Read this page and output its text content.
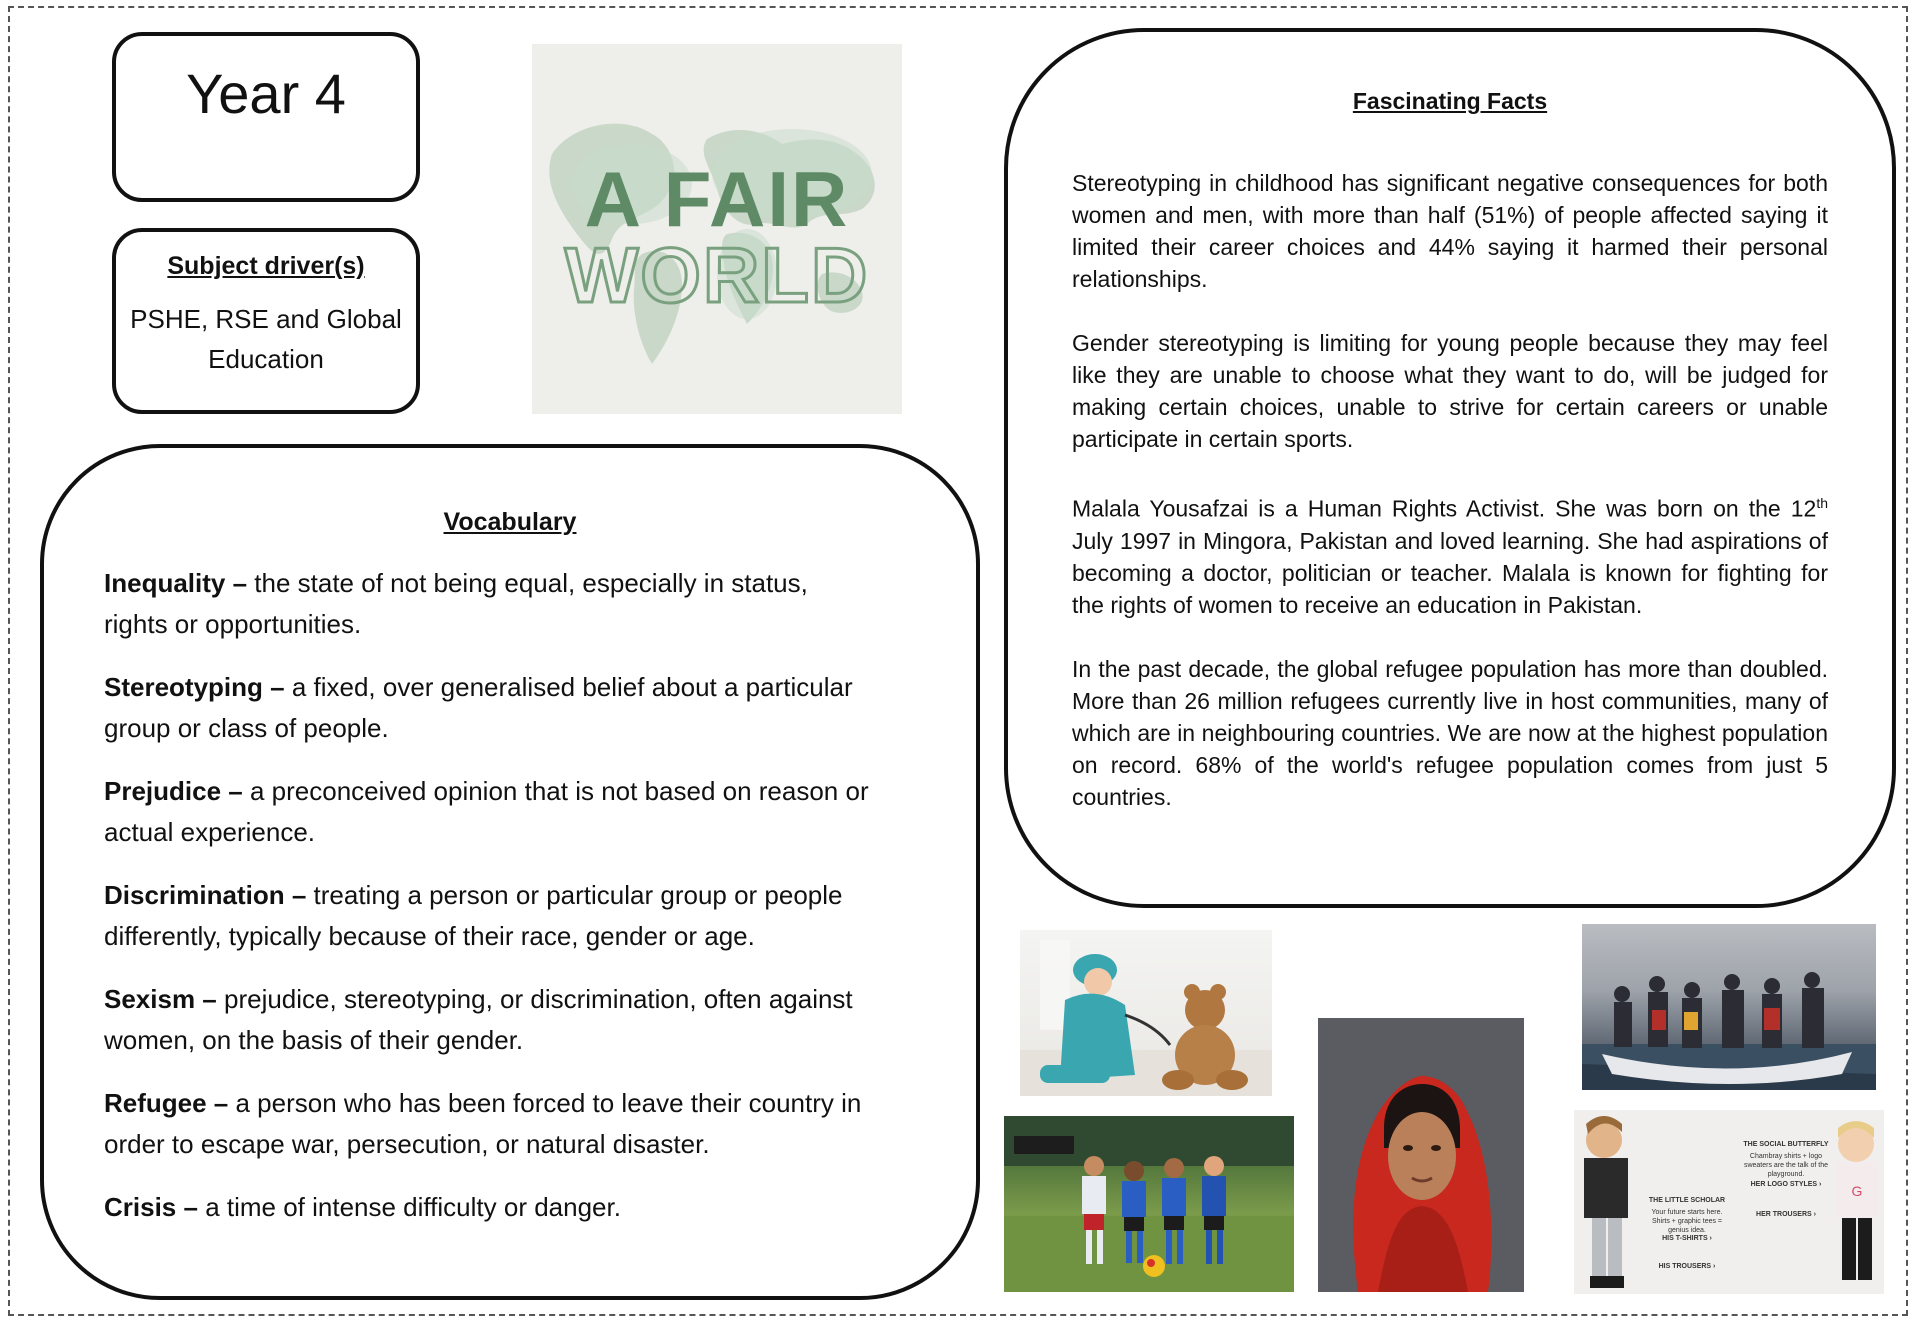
Year 4
Subject driver(s)
PSHE, RSE and Global Education
A FAIR
WORLD
Vocabulary
Inequality – the state of not being equal, especially in status, rights or opportunities.
Stereotyping – a fixed, over generalised belief about a particular group or class of people.
Prejudice – a preconceived opinion that is not based on reason or actual experience.
Discrimination – treating a person or particular group or people differently, typically because of their race, gender or age.
Sexism – prejudice, stereotyping, or discrimination, often against women, on the basis of their gender.
Refugee – a person who has been forced to leave their country in order to escape war, persecution, or natural disaster.
Crisis – a time of intense difficulty or danger.
Fascinating Facts
Stereotyping in childhood has significant negative consequences for both women and men, with more than half (51%) of people affected saying it limited their career choices and 44% saying it harmed their personal relationships.
Gender stereotyping is limiting for young people because they may feel like they are unable to choose what they want to do, will be judged for making certain choices, unable to strive for certain careers or unable participate in certain sports.
Malala Yousafzai is a Human Rights Activist. She was born on the 12th July 1997 in Mingora, Pakistan and loved learning. She had aspirations of becoming a doctor, politician or teacher. Malala is known for fighting for the rights of women to receive an education in Pakistan.
In the past decade, the global refugee population has more than doubled. More than 26 million refugees currently live in host communities, many of which are in neighbouring countries. We are now at the highest population on record. 68% of the world's refugee population comes from just 5 countries.
G
THE LITTLE SCHOLAR
Your future starts here. Shirts + graphic tees = genius idea.
HIS T-SHIRTS ›
HIS TROUSERS ›
THE SOCIAL BUTTERFLY
Chambray shirts + logo sweaters are the talk of the playground.
HER LOGO STYLES ›
HER TROUSERS ›
